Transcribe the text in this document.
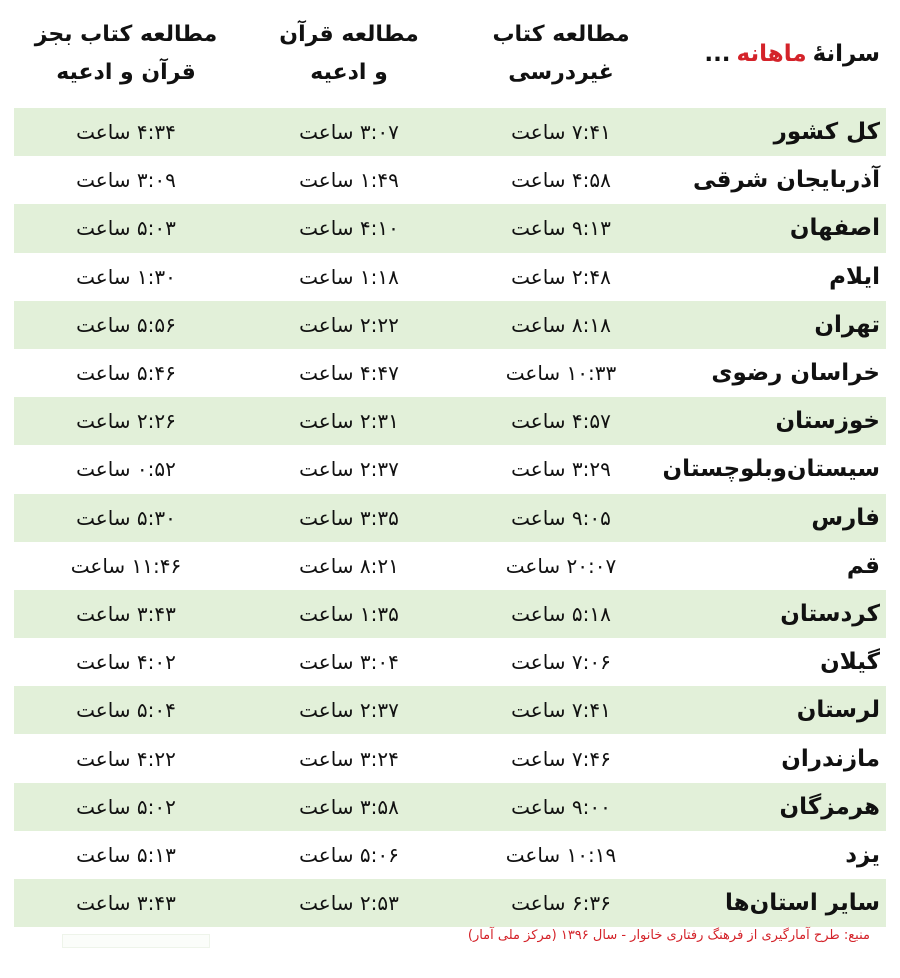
سرانهٔ
ماهانه
...
مطالعه کتاب
غیردرسی
مطالعه قرآن
و ادعیه
مطالعه کتاب بجز
قرآن و ادعیه
کل کشور
۷:۴۱ ساعت
۳:۰۷ ساعت
۴:۳۴ ساعت
آذربایجان شرقی
۴:۵۸ ساعت
۱:۴۹ ساعت
۳:۰۹ ساعت
اصفهان
۹:۱۳ ساعت
۴:۱۰ ساعت
۵:۰۳ ساعت
ایلام
۲:۴۸ ساعت
۱:۱۸ ساعت
۱:۳۰ ساعت
تهران
۸:۱۸ ساعت
۲:۲۲ ساعت
۵:۵۶ ساعت
خراسان رضوی
۱۰:۳۳ ساعت
۴:۴۷ ساعت
۵:۴۶ ساعت
خوزستان
۴:۵۷ ساعت
۲:۳۱ ساعت
۲:۲۶ ساعت
سیستان‌وبلوچستان
۳:۲۹ ساعت
۲:۳۷ ساعت
۰:۵۲ ساعت
فارس
۹:۰۵ ساعت
۳:۳۵ ساعت
۵:۳۰ ساعت
قم
۲۰:۰۷ ساعت
۸:۲۱ ساعت
۱۱:۴۶ ساعت
کردستان
۵:۱۸ ساعت
۱:۳۵ ساعت
۳:۴۳ ساعت
گیلان
۷:۰۶ ساعت
۳:۰۴ ساعت
۴:۰۲ ساعت
لرستان
۷:۴۱ ساعت
۲:۳۷ ساعت
۵:۰۴ ساعت
مازندران
۷:۴۶ ساعت
۳:۲۴ ساعت
۴:۲۲ ساعت
هرمزگان
۹:۰۰ ساعت
۳:۵۸ ساعت
۵:۰۲ ساعت
یزد
۱۰:۱۹ ساعت
۵:۰۶ ساعت
۵:۱۳ ساعت
سایر استان‌ها
۶:۳۶ ساعت
۲:۵۳ ساعت
۳:۴۳ ساعت
منبع: طرح آمارگیری از فرهنگ رفتاری خانوار - سال ۱۳۹۶ (مرکز ملی آمار)
